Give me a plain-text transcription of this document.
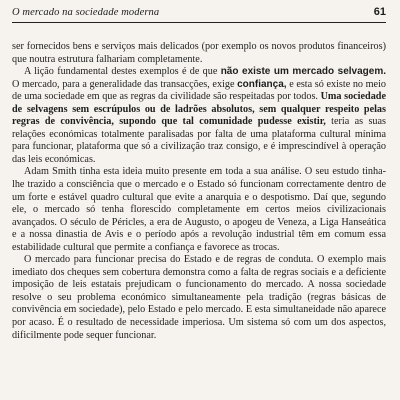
O mercado na sociedade moderna	61

ser fornecidos bens e serviços mais delicados (por exemplo os novos produtos financeiros) que noutra estrutura falhariam completamente.

A lição fundamental destes exemplos é de que não existe um mercado selvagem. O mercado, para a generalidade das transacções, exige confiança, e esta só existe no meio de uma sociedade em que as regras da civilidade são respeitadas por todos. Uma sociedade de selvagens sem escrúpulos ou de ladrões absolutos, sem qualquer respeito pelas regras de convivência, supondo que tal comunidade pudesse existir, teria as suas relações económicas totalmente paralisadas por falta de uma plataforma cultural mínima para funcionar, plataforma que só a civilização traz consigo, e é imprescindível à operação das leis económicas.

Adam Smith tinha esta ideia muito presente em toda a sua análise. O seu estudo tinha-lhe trazido a consciência que o mercado e o Estado só funcionam correctamente dentro de um forte e estável quadro cultural que evite a anarquia e o despotismo. Daí que, segundo ele, o mercado só tenha florescido completamente em certos meios civilizacionais avançados. O século de Péricles, a era de Augusto, o apogeu de Veneza, a Liga Hanseática e a nossa dinastia de Avis e o período após a revolução industrial têm em comum essa estabilidade cultural que permite a confiança e favorece as trocas.

O mercado para funcionar precisa do Estado e de regras de conduta. O exemplo mais imediato dos cheques sem cobertura demonstra como a falta de regras sociais e a deficiente imposição de leis estatais prejudicam o funcionamento do mercado. A nossa sociedade resolve o seu problema económico simultaneamente pela tradição (regras básicas de convivência em sociedade), pelo Estado e pelo mercado. E esta simultaneidade não aparece por acaso. É o resultado de necessidade imperiosa. Um sistema só com um dos aspectos, dificilmente pode sequer funcionar.
